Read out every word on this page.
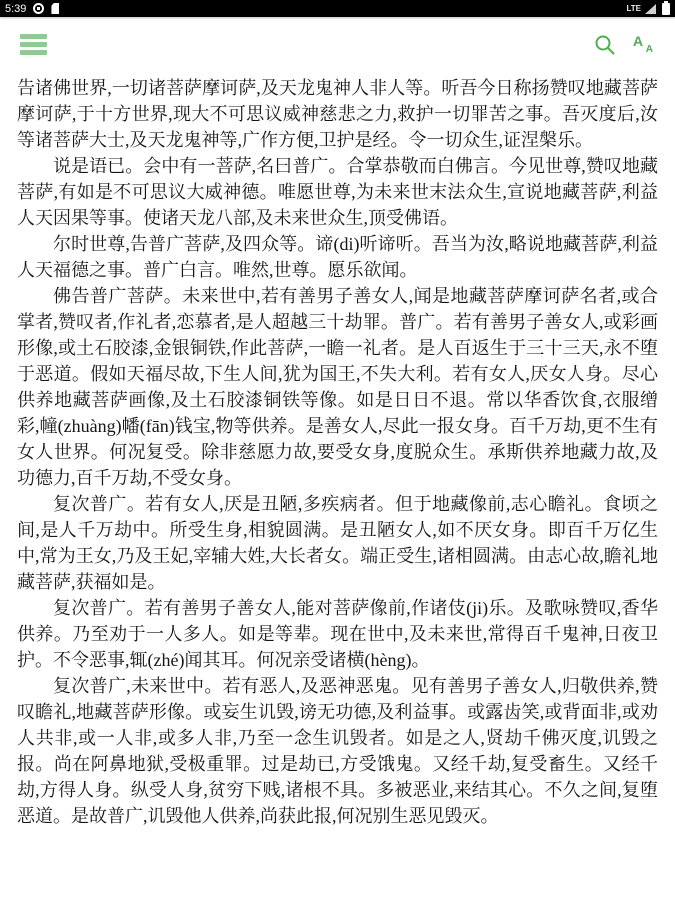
5:39	LTE
A
A

告诸佛世界,一切诸菩萨摩诃萨,及天龙鬼神人非人等。听吾今日称扬赞叹地藏菩萨摩诃萨,于十方世界,现大不可思议威神慈悲之力,救护一切罪苦之事。吾灭度后,汝等诸菩萨大士,及天龙鬼神等,广作方便,卫护是经。令一切众生,证涅槃乐。

说是语已。会中有一菩萨,名曰普广。合掌恭敬而白佛言。今见世尊,赞叹地藏菩萨,有如是不可思议大威神德。唯愿世尊,为未来世末法众生,宣说地藏菩萨,利益人天因果等事。使诸天龙八部,及未来世众生,顶受佛语。

尔时世尊,告普广菩萨,及四众等。谛(di)听谛听。吾当为汝,略说地藏菩萨,利益人天福德之事。普广白言。唯然,世尊。愿乐欲闻。

佛告普广菩萨。未来世中,若有善男子善女人,闻是地藏菩萨摩诃萨名者,或合掌者,赞叹者,作礼者,恋慕者,是人超越三十劫罪。普广。若有善男子善女人,或彩画形像,或土石胶漆,金银铜铁,作此菩萨,一瞻一礼者。是人百返生于三十三天,永不堕于恶道。假如天福尽故,下生人间,犹为国王,不失大利。若有女人,厌女人身。尽心供养地藏菩萨画像,及土石胶漆铜铁等像。如是日日不退。常以华香饮食,衣服缯彩,幢(zhuàng)幡(fān)钱宝,物等供养。是善女人,尽此一报女身。百千万劫,更不生有女人世界。何况复受。除非慈愿力故,要受女身,度脱众生。承斯供养地藏力故,及功德力,百千万劫,不受女身。

复次普广。若有女人,厌是丑陋,多疾病者。但于地藏像前,志心瞻礼。食顷之间,是人千万劫中。所受生身,相貌圆满。是丑陋女人,如不厌女身。即百千万亿生中,常为王女,乃及王妃,宰辅大姓,大长者女。端正受生,诸相圆满。由志心故,瞻礼地藏菩萨,获福如是。

复次普广。若有善男子善女人,能对菩萨像前,作诸伎(ji)乐。及歌咏赞叹,香华供养。乃至劝于一人多人。如是等辈。现在世中,及未来世,常得百千鬼神,日夜卫护。不令恶事,辄(zhé)闻其耳。何况亲受诸横(hèng)。

复次普广,未来世中。若有恶人,及恶神恶鬼。见有善男子善女人,归敬供养,赞叹瞻礼,地藏菩萨形像。或妄生讥毁,谤无功德,及利益事。或露齿笑,或背面非,或劝人共非,或一人非,或多人非,乃至一念生讥毁者。如是之人,贤劫千佛灭度,讥毁之报。尚在阿鼻地狱,受极重罪。过是劫已,方受饿鬼。又经千劫,复受畜生。又经千劫,方得人身。纵受人身,贫穷下贱,诸根不具。多被恶业,来结其心。不久之间,复堕恶道。是故普广,讥毁他人供养,尚获此报,何况别生恶见毁灭。
